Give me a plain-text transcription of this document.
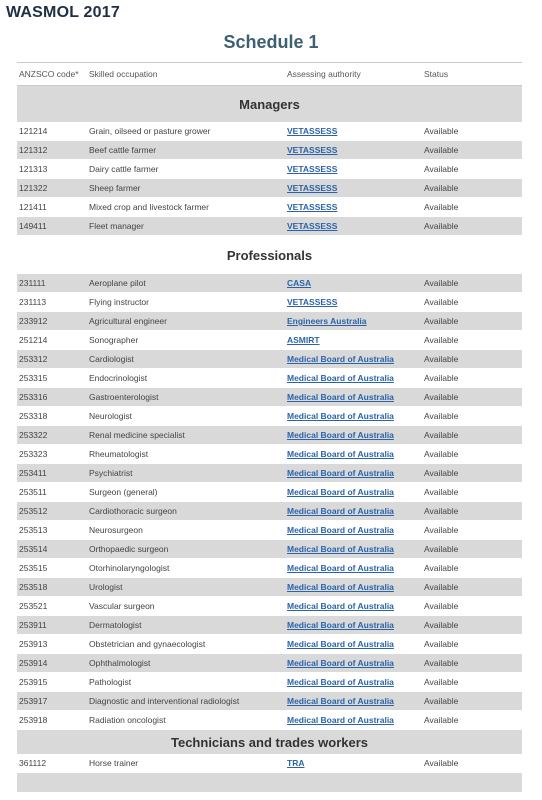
WASMOL 2017
Schedule 1
ANZSCO code*	Skilled occupation	Assessing authority	Status
Managers
121214	Grain, oilseed or pasture grower	VETASSESS	Available
121312	Beef cattle farmer	VETASSESS	Available
121313	Dairy cattle farmer	VETASSESS	Available
121322	Sheep farmer	VETASSESS	Available
121411	Mixed crop and livestock farmer	VETASSESS	Available
149411	Fleet manager	VETASSESS	Available
Professionals
231111	Aeroplane pilot	CASA	Available
231113	Flying instructor	VETASSESS	Available
233912	Agricultural engineer	Engineers Australia	Available
251214	Sonographer	ASMIRT	Available
253312	Cardiologist	Medical Board of Australia	Available
253315	Endocrinologist	Medical Board of Australia	Available
253316	Gastroenterologist	Medical Board of Australia	Available
253318	Neurologist	Medical Board of Australia	Available
253322	Renal medicine specialist	Medical Board of Australia	Available
253323	Rheumatologist	Medical Board of Australia	Available
253411	Psychiatrist	Medical Board of Australia	Available
253511	Surgeon (general)	Medical Board of Australia	Available
253512	Cardiothoracic surgeon	Medical Board of Australia	Available
253513	Neurosurgeon	Medical Board of Australia	Available
253514	Orthopaedic surgeon	Medical Board of Australia	Available
253515	Otorhinolaryngologist	Medical Board of Australia	Available
253518	Urologist	Medical Board of Australia	Available
253521	Vascular surgeon	Medical Board of Australia	Available
253911	Dermatologist	Medical Board of Australia	Available
253913	Obstetrician and gynaecologist	Medical Board of Australia	Available
253914	Ophthalmologist	Medical Board of Australia	Available
253915	Pathologist	Medical Board of Australia	Available
253917	Diagnostic and interventional radiologist	Medical Board of Australia	Available
253918	Radiation oncologist	Medical Board of Australia	Available
Technicians and trades workers
361112	Horse trainer	TRA	Available
